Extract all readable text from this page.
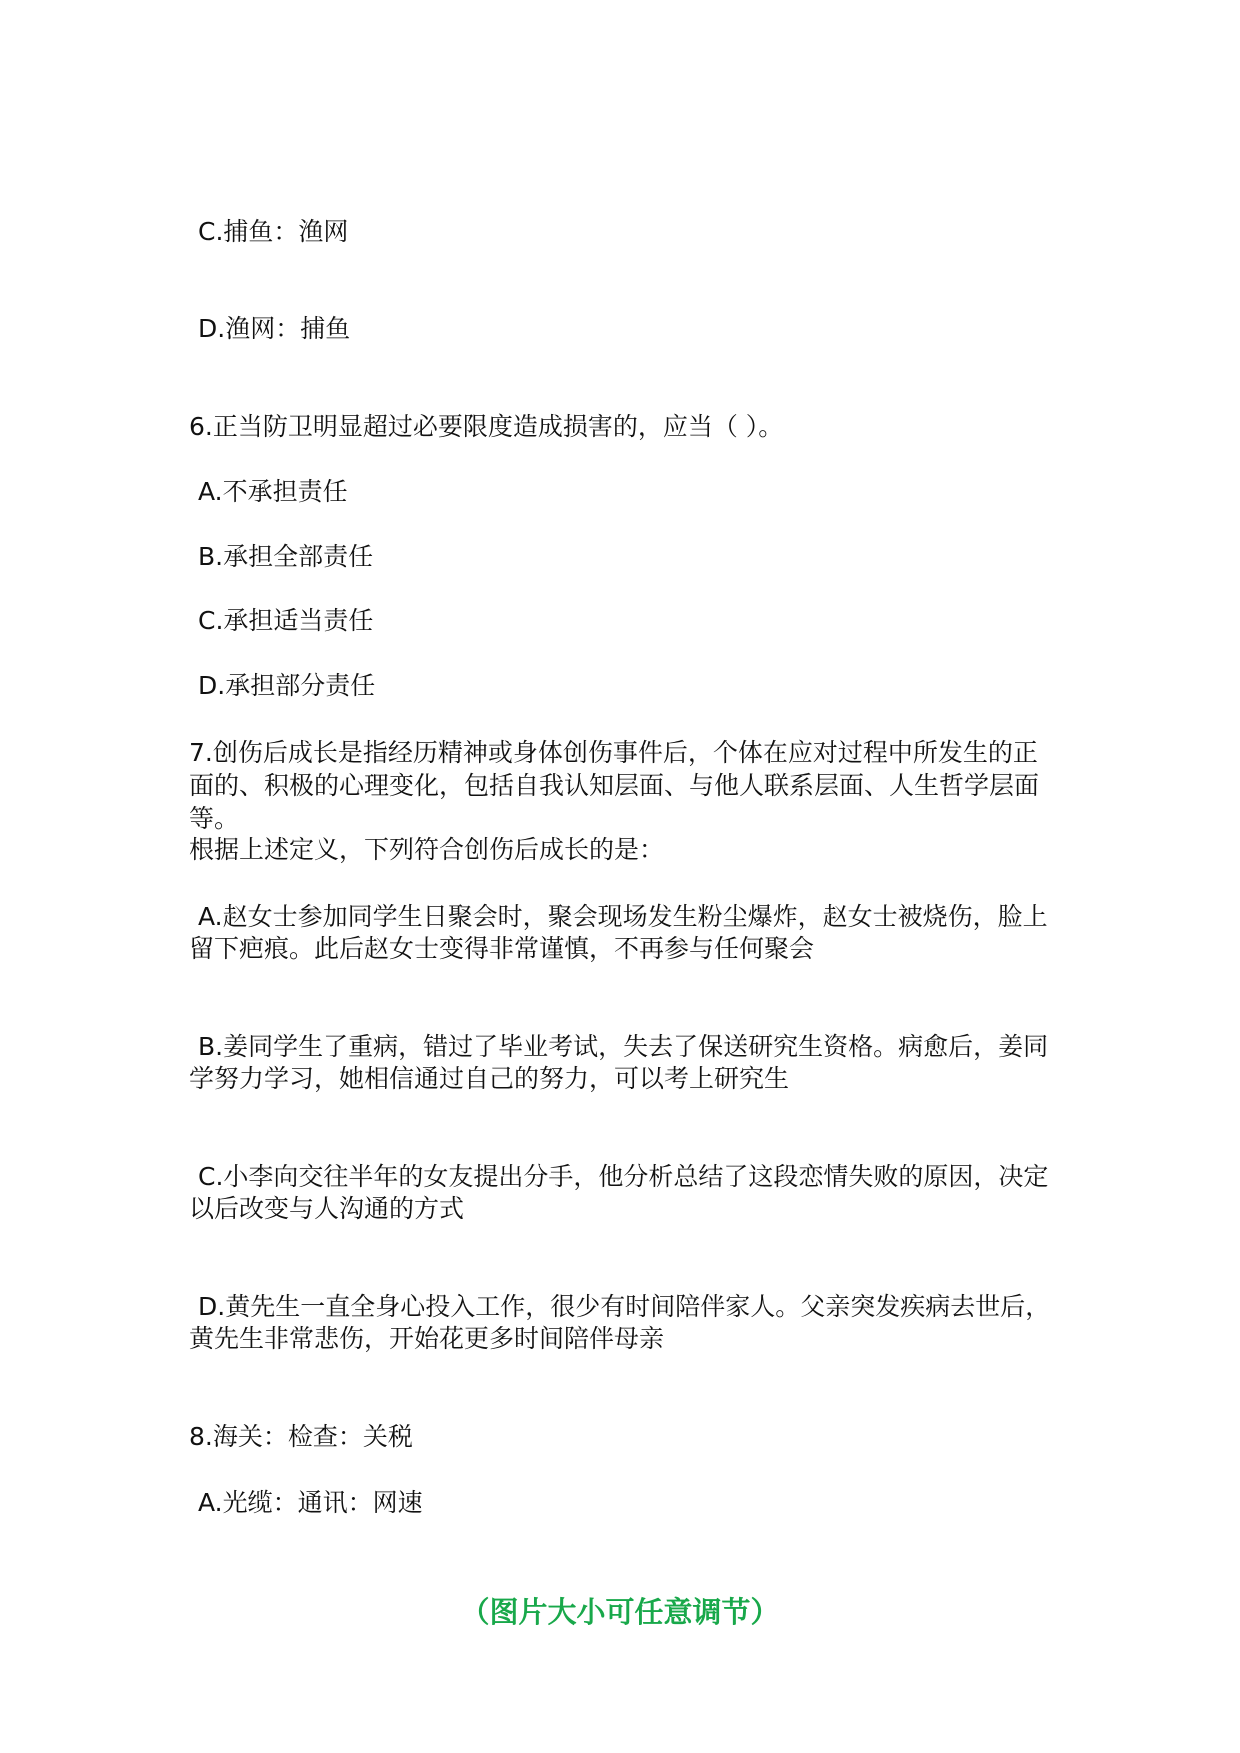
C.捕鱼：渔网
D.渔网：捕鱼
6.正当防卫明显超过必要限度造成损害的，应当（ ）。
A.不承担责任
B.承担全部责任
C.承担适当责任
D.承担部分责任
7.创伤后成长是指经历精神或身体创伤事件后，个体在应对过程中所发生的正
面的、积极的心理变化，包括自我认知层面、与他人联系层面、人生哲学层面
等。
根据上述定义，下列符合创伤后成长的是：
A.赵女士参加同学生日聚会时，聚会现场发生粉尘爆炸，赵女士被烧伤，脸上
留下疤痕。此后赵女士变得非常谨慎，不再参与任何聚会
B.姜同学生了重病，错过了毕业考试，失去了保送研究生资格。病愈后，姜同
学努力学习，她相信通过自己的努力，可以考上研究生
C.小李向交往半年的女友提出分手，他分析总结了这段恋情失败的原因，决定
以后改变与人沟通的方式
D.黄先生一直全身心投入工作，很少有时间陪伴家人。父亲突发疾病去世后，
黄先生非常悲伤，开始花更多时间陪伴母亲
8.海关：检查：关税
A.光缆：通讯：网速
（图片大小可任意调节）
